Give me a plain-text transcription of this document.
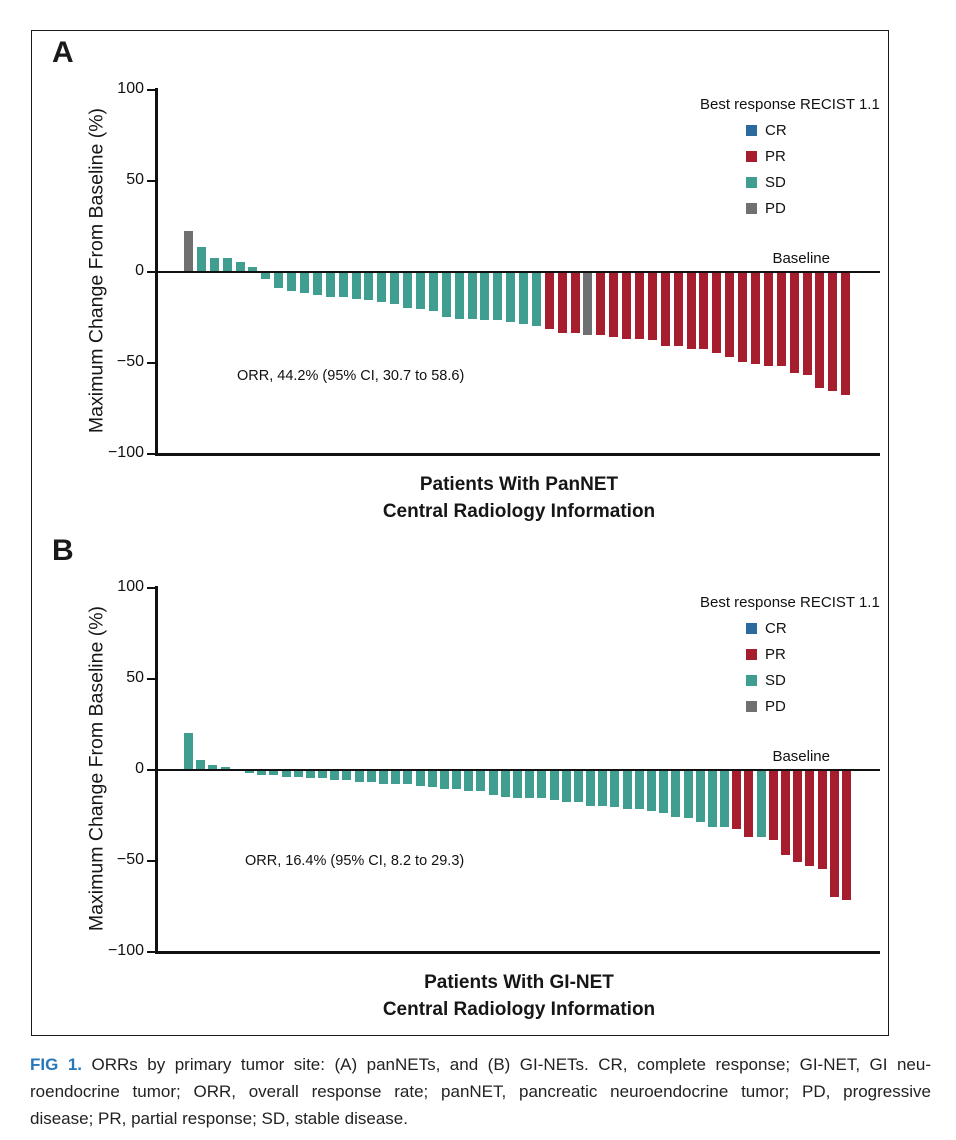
A
100
50
0
−50
−100
Baseline
Best response RECIST 1.1
CR
PR
SD
PD
ORR, 44.2% (95% CI, 30.7 to 58.6)
Patients With PanNET
Central Radiology Information
Maximum Change From Baseline (%)
B
100
50
0
−50
−100
Baseline
Best response RECIST 1.1
CR
PR
SD
PD
ORR, 16.4% (95% CI, 8.2 to 29.3)
Patients With GI-NET
Central Radiology Information
Maximum Change From Baseline (%)
FIG 1. ORRs by primary tumor site: (A) panNETs, and (B) GI-NETs. CR, complete response; GI-NET, GI neu-
roendocrine tumor; ORR, overall response rate; panNET, pancreatic neuroendocrine tumor; PD, progressive
disease; PR, partial response; SD, stable disease.
